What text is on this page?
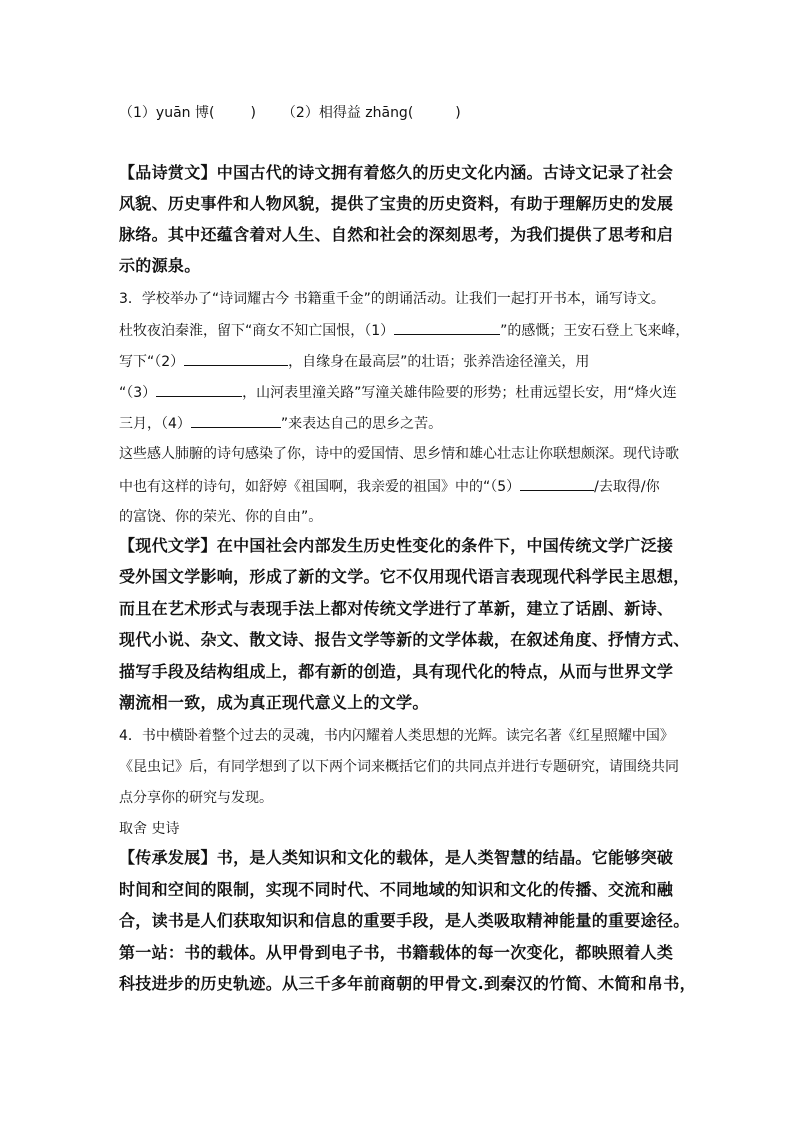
（1）yuān 博(	) （2）相得益 zhāng(	)
【品诗赏文】中国古代的诗文拥有着悠久的历史文化内涵。古诗文记录了社会
风貌、历史事件和人物风貌，提供了宝贵的历史资料，有助于理解历史的发展
脉络。其中还蕴含着对人生、自然和社会的深刻思考，为我们提供了思考和启
示的源泉。
3．学校举办了“诗词耀古今 书籍重千金”的朗诵活动。让我们一起打开书本，诵写诗文。
杜牧夜泊秦淮，留下“商女不知亡国恨，（1）	”的感慨；王安石登上飞来峰，
写下“（2）	，自缘身在最高层”的壮语；张养浩途径潼关，用
“（3）	，山河表里潼关路”写潼关雄伟险要的形势；杜甫远望长安，用“烽火连
三月，（4）	”来表达自己的思乡之苦。
这些感人肺腑的诗句感染了你，诗中的爱国情、思乡情和雄心壮志让你联想颇深。现代诗歌
中也有这样的诗句，如舒婷《祖国啊，我亲爱的祖国》中的“（5）	/去取得/你
的富饶、你的荣光、你的自由”。
【现代文学】在中国社会内部发生历史性变化的条件下，中国传统文学广泛接
受外国文学影响，形成了新的文学。它不仅用现代语言表现现代科学民主思想，
而且在艺术形式与表现手法上都对传统文学进行了革新，建立了话剧、新诗、
现代小说、杂文、散文诗、报告文学等新的文学体裁，在叙述角度、抒情方式、
描写手段及结构组成上，都有新的创造，具有现代化的特点，从而与世界文学
潮流相一致，成为真正现代意义上的文学。
4．书中横卧着整个过去的灵魂，书内闪耀着人类思想的光辉。读完名著《红星照耀中国》
《昆虫记》后，有同学想到了以下两个词来概括它们的共同点并进行专题研究，请围绕共同
点分享你的研究与发现。
取舍 史诗
【传承发展】书，是人类知识和文化的载体，是人类智慧的结晶。它能够突破
时间和空间的限制，实现不同时代、不同地域的知识和文化的传播、交流和融
合，读书是人们获取知识和信息的重要手段，是人类吸取精神能量的重要途径。
第一站：书的载体。从甲骨到电子书，书籍载体的每一次变化，都映照着人类
科技进步的历史轨迹。从三千多年前商朝的甲骨文.到秦汉的竹简、木简和帛书，
